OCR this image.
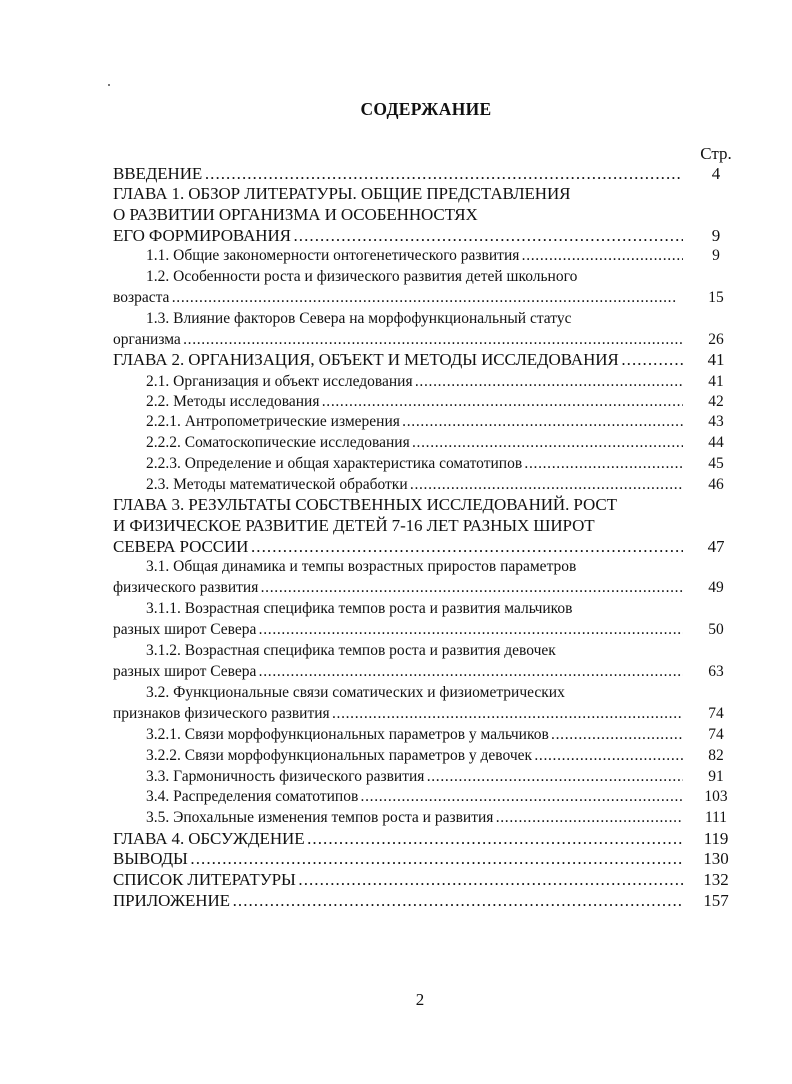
СОДЕРЖАНИЕ
Стр.
ВВЕДЕНИЕ . . .	4
ГЛАВА 1. ОБЗОР ЛИТЕРАТУРЫ. ОБЩИЕ ПРЕДСТАВЛЕНИЯ
О РАЗВИТИИ ОРГАНИЗМА И ОСОБЕННОСТЯХ
ЕГО ФОРМИРОВАНИЯ . . .	9
1.1. Общие закономерности онтогенетического развития . . .	9
1.2. Особенности роста и физического развития детей школьного
возраста . . .	15
1.3. Влияние факторов Севера на морфофункциональный статус
организма . . .	26
ГЛАВА 2. ОРГАНИЗАЦИЯ, ОБЪЕКТ И МЕТОДЫ ИССЛЕДОВАНИЯ . . .	41
2.1. Организация и объект исследования . . .	41
2.2. Методы исследования . . .	42
2.2.1. Антропометрические измерения . . .	43
2.2.2. Соматоскопические исследования . . .	44
2.2.3. Определение и общая характеристика соматотипов . . .	45
2.3. Методы математической обработки . . .	46
ГЛАВА 3. РЕЗУЛЬТАТЫ СОБСТВЕННЫХ ИССЛЕДОВАНИЙ. РОСТ
И ФИЗИЧЕСКОЕ РАЗВИТИЕ ДЕТЕЙ 7-16 ЛЕТ РАЗНЫХ ШИРОТ
СЕВЕРА РОССИИ . . .	47
3.1. Общая динамика и темпы возрастных приростов параметров
физического развития . . .	49
3.1.1. Возрастная специфика темпов роста и развития мальчиков
разных широт Севера . . .	50
3.1.2. Возрастная специфика темпов роста и развития девочек
разных широт Севера . . .	63
3.2. Функциональные связи соматических и физиометрических
признаков физического развития . . .	74
3.2.1. Связи морфофункциональных параметров у мальчиков . . .	74
3.2.2. Связи морфофункциональных параметров у девочек . . .	82
3.3. Гармоничность физического развития . . .	91
3.4. Распределения соматотипов . . .	103
3.5. Эпохальные изменения темпов роста и развития . . .	111
ГЛАВА 4. ОБСУЖДЕНИЕ . . .	119
ВЫВОДЫ . . .	130
СПИСОК ЛИТЕРАТУРЫ . . .	132
ПРИЛОЖЕНИЕ . . .	157
2
